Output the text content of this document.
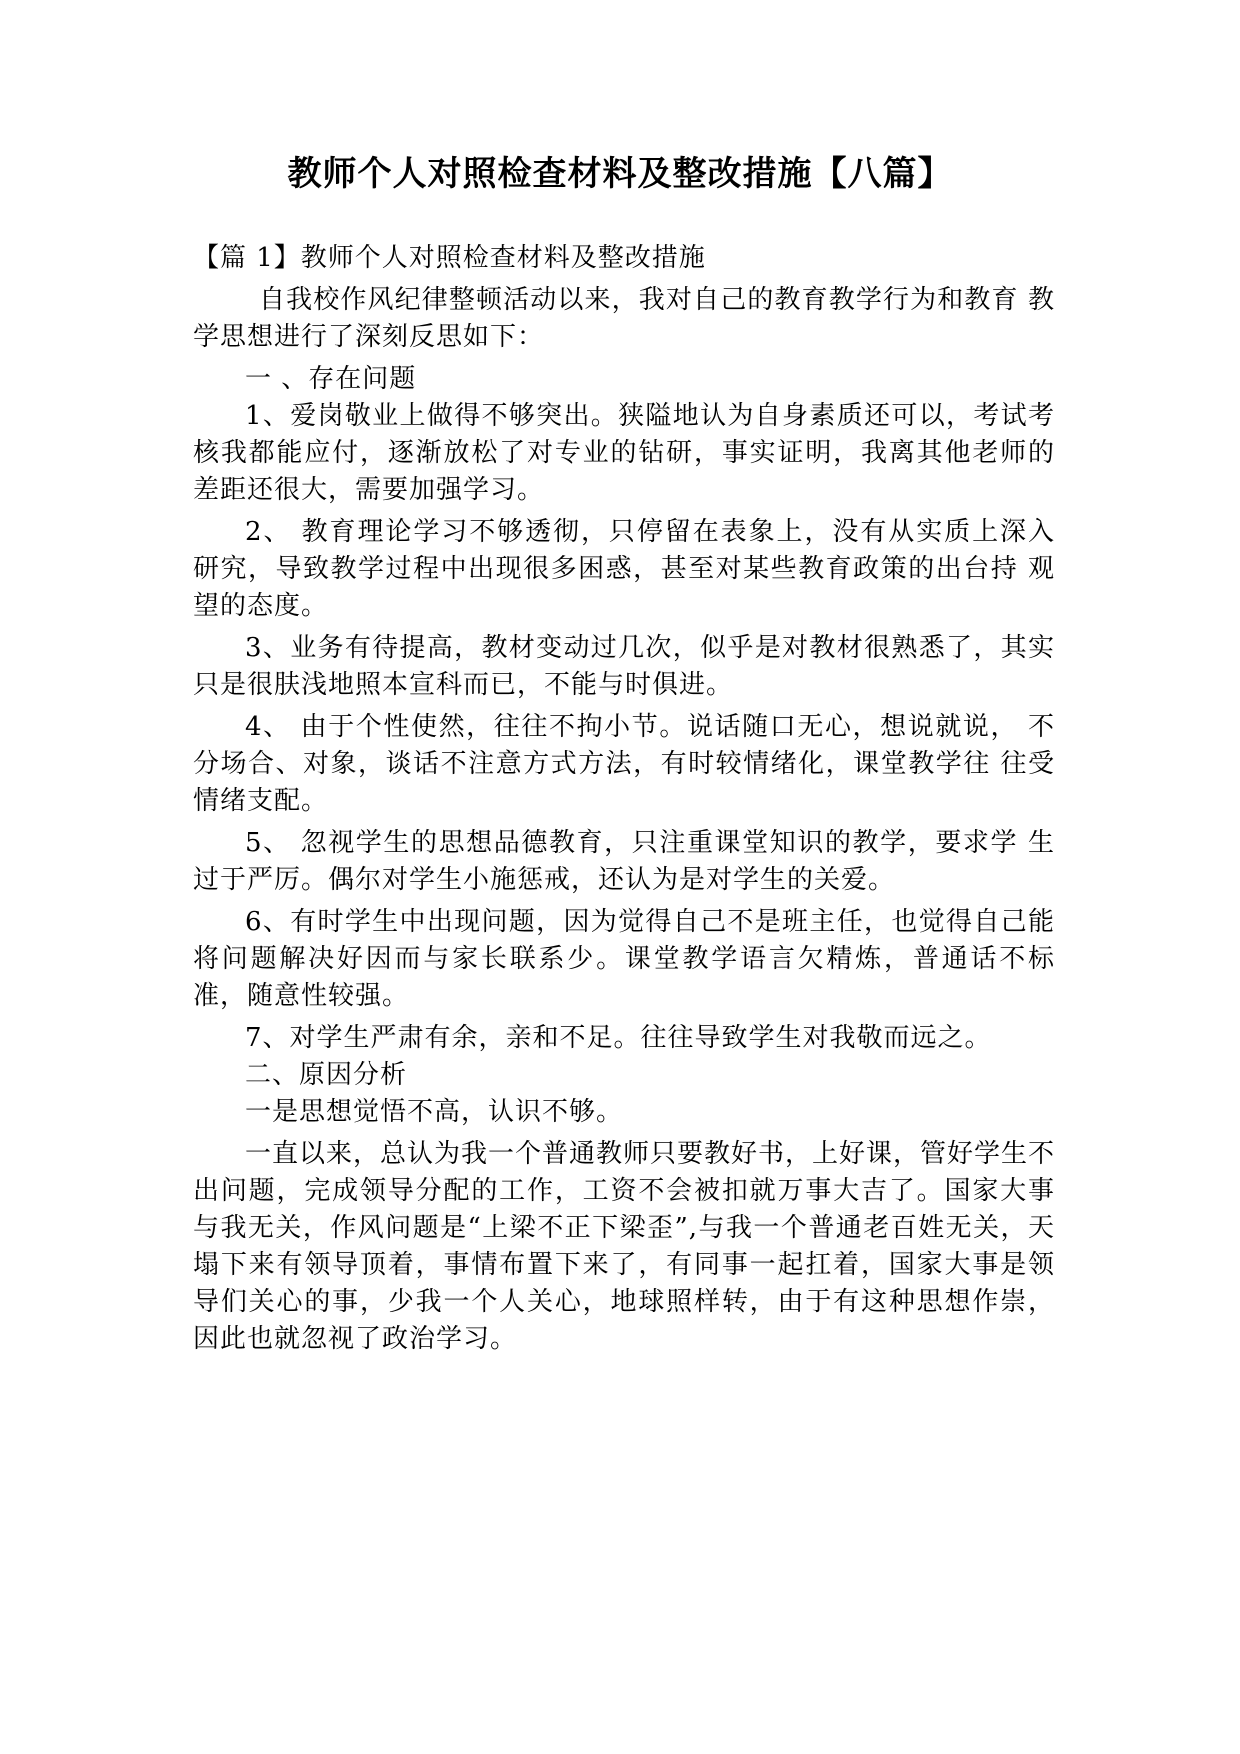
教师个人对照检查材料及整改措施【八篇】
【篇 1】教师个人对照检查材料及整改措施

自我校作风纪律整顿活动以来，我对自己的教育教学行为和教育 教学思想进行了深刻反思如下：

一 、存在问题

1、爱岗敬业上做得不够突出。狭隘地认为自身素质还可以，考试考核我都能应付，逐渐放松了对专业的钻研，事实证明，我离其他老师的差距还很大，需要加强学习。

2、 教育理论学习不够透彻，只停留在表象上，没有从实质上深入 研究，导致教学过程中出现很多困惑，甚至对某些教育政策的出台持 观望的态度。

3、业务有待提高，教材变动过几次，似乎是对教材很熟悉了，其实只是很肤浅地照本宣科而已，不能与时俱进。

4、 由于个性使然，往往不拘小节。说话随口无心，想说就说， 不分场合、对象，谈话不注意方式方法，有时较情绪化，课堂教学往 往受情绪支配。

5、 忽视学生的思想品德教育，只注重课堂知识的教学，要求学 生过于严厉。偶尔对学生小施惩戒，还认为是对学生的关爱。

6、有时学生中出现问题，因为觉得自己不是班主任，也觉得自己能将问题解决好因而与家长联系少。课堂教学语言欠精炼，普通话不标准，随意性较强。

7、对学生严肃有余，亲和不足。往往导致学生对我敬而远之。

二、原因分析

一是思想觉悟不高，认识不够。

一直以来，总认为我一个普通教师只要教好书，上好课，管好学生不出问题，完成领导分配的工作，工资不会被扣就万事大吉了。国家大事与我无关，作风问题是“上梁不正下梁歪”,与我一个普通老百姓无关，天塌下来有领导顶着，事情布置下来了，有同事一起扛着，国家大事是领导们关心的事，少我一个人关心，地球照样转，由于有这种思想作崇，因此也就忽视了政治学习。
